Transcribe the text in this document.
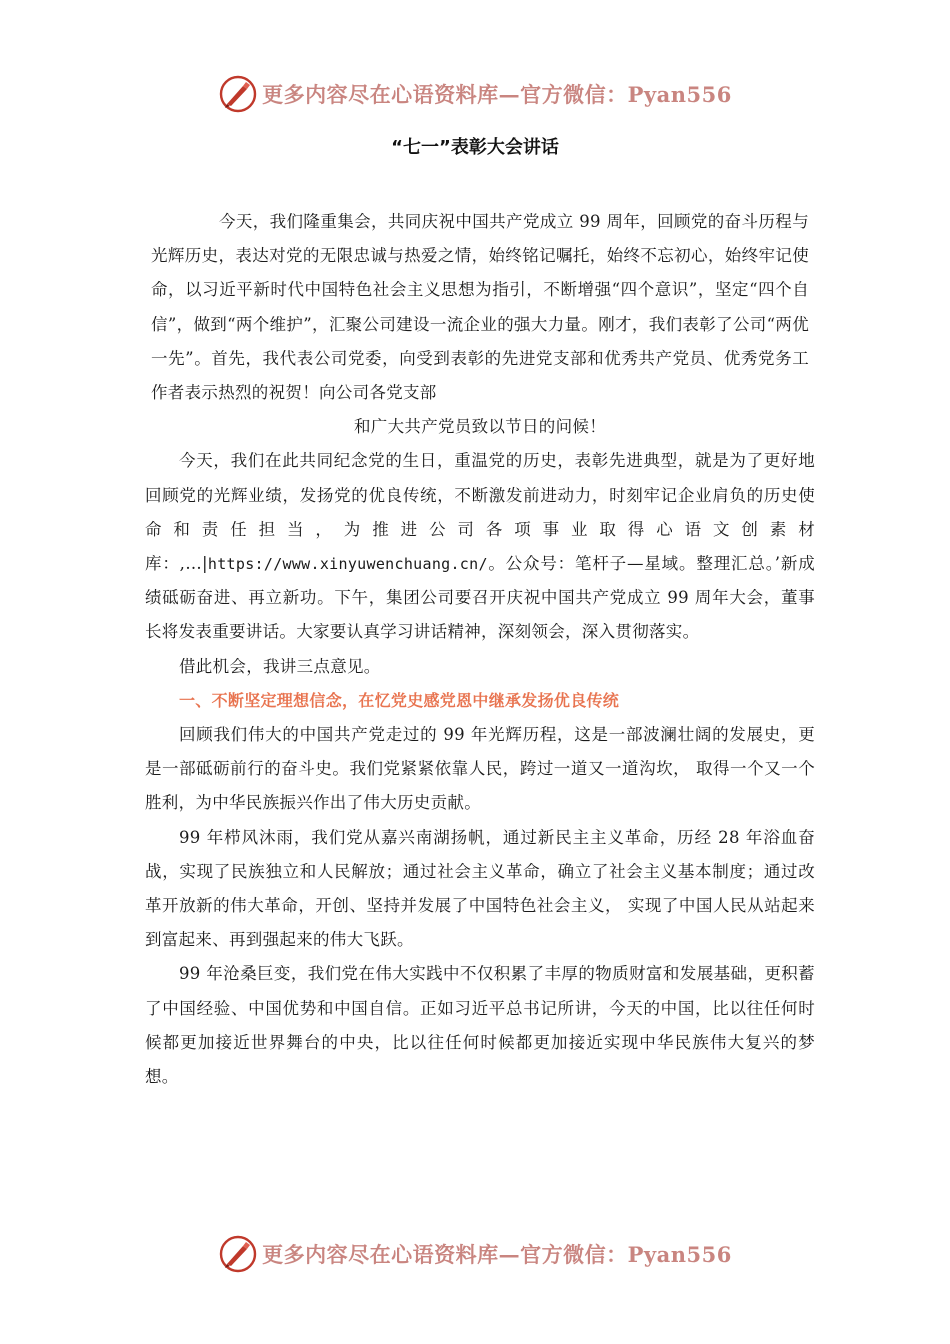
更多内容尽在心语资料库—官方微信：Pyan556
“七一”表彰大会讲话

今天，我们隆重集会，共同庆祝中国共产党成立 99 周年，回顾党的奋斗历程与光辉历史，表达对党的无限忠诚与热爱之情，始终铭记嘱托，始终不忘初心，始终牢记使命，以习近平新时代中国特色社会主义思想为指引，不断增强“四个意识”，坚定“四个自信”，做到“两个维护”，汇聚公司建设一流企业的强大力量。刚才，我们表彰了公司“两优一先”。首先，我代表公司党委，向受到表彰的先进党支部和优秀共产党员、优秀党务工作者表示热烈的祝贺！向公司各党支部

和广大共产党员致以节日的问候！

今天，我们在此共同纪念党的生日，重温党的历史，表彰先进典型，就是为了更好地回顾党的光辉业绩，发扬党的优良传统，不断激发前进动力，时刻牢记企业肩负的历史使命和责任担当，为推进公司各项事业取得心语文创素材库：,…|https://www.xinyuwenchuang.cn/。公众号：笔杆子—星域。整理汇总。’新成绩砥砺奋进、再立新功。下午，集团公司要召开庆祝中国共产党成立 99 周年大会，董事长将发表重要讲话。大家要认真学习讲话精神，深刻领会，深入贯彻落实。

借此机会，我讲三点意见。

一、不断坚定理想信念，在忆党史感党恩中继承发扬优良传统

回顾我们伟大的中国共产党走过的 99 年光辉历程，这是一部波澜壮阔的发展史，更是一部砥砺前行的奋斗史。我们党紧紧依靠人民，跨过一道又一道沟坎， 取得一个又一个胜利，为中华民族振兴作出了伟大历史贡献。

99 年栉风沐雨，我们党从嘉兴南湖扬帆，通过新民主主义革命，历经 28 年浴血奋战，实现了民族独立和人民解放；通过社会主义革命，确立了社会主义基本制度；通过改革开放新的伟大革命，开创、坚持并发展了中国特色社会主义， 实现了中国人民从站起来到富起来、再到强起来的伟大飞跃。

99 年沧桑巨变，我们党在伟大实践中不仅积累了丰厚的物质财富和发展基础，更积蓄了中国经验、中国优势和中国自信。正如习近平总书记所讲，今天的中国，比以往任何时候都更加接近世界舞台的中央，比以往任何时候都更加接近实现中华民族伟大复兴的梦想。

更多内容尽在心语资料库—官方微信：Pyan556
